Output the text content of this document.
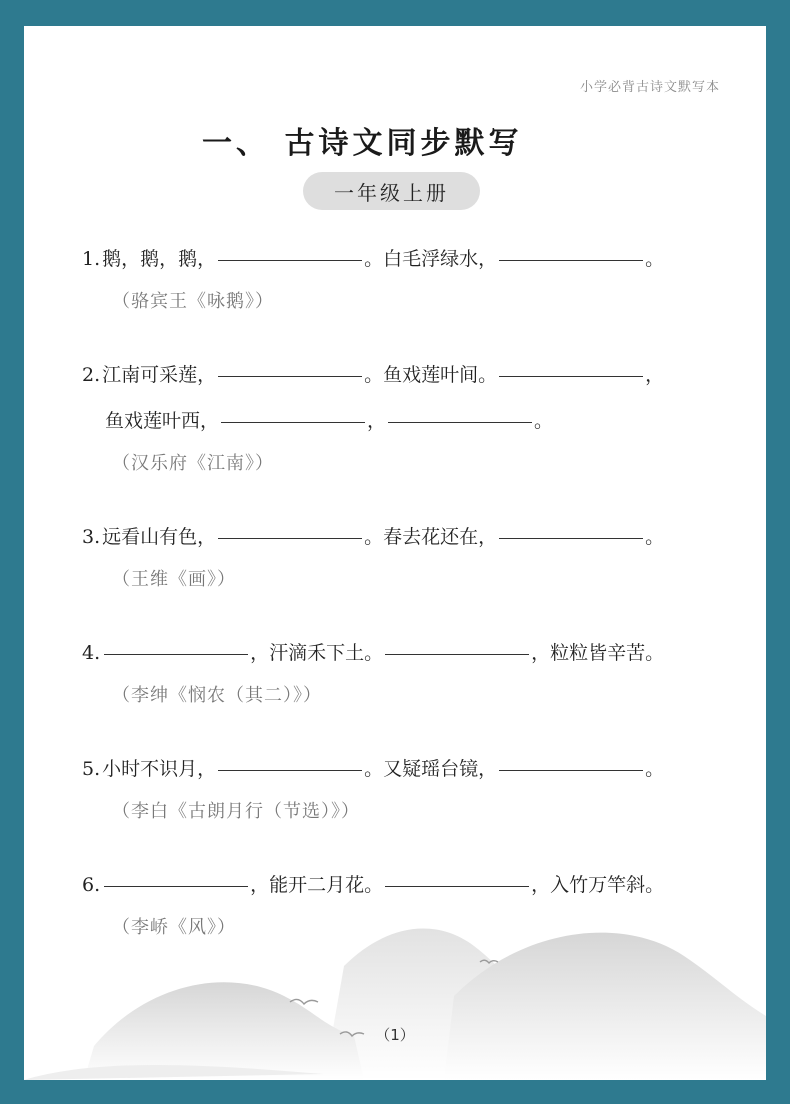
小学必背古诗文默写本
一、 古诗文同步默写
一年级上册
1. 鹅，鹅，鹅，	。白毛浮绿水，	。
（骆宾王《咏鹅》）
2. 江南可采莲，	。鱼戏莲叶间。	，
鱼戏莲叶西，	，	。
（汉乐府《江南》）
3. 远看山有色，	。春去花还在，	。
（王维《画》）
4.	，汗滴禾下土。	，粒粒皆辛苦。
（李绅《悯农（其二）》）
5. 小时不识月，	。又疑瑶台镜，	。
（李白《古朗月行（节选）》）
6.	，能开二月花。	，入竹万竿斜。
（李峤《风》）
（1）
